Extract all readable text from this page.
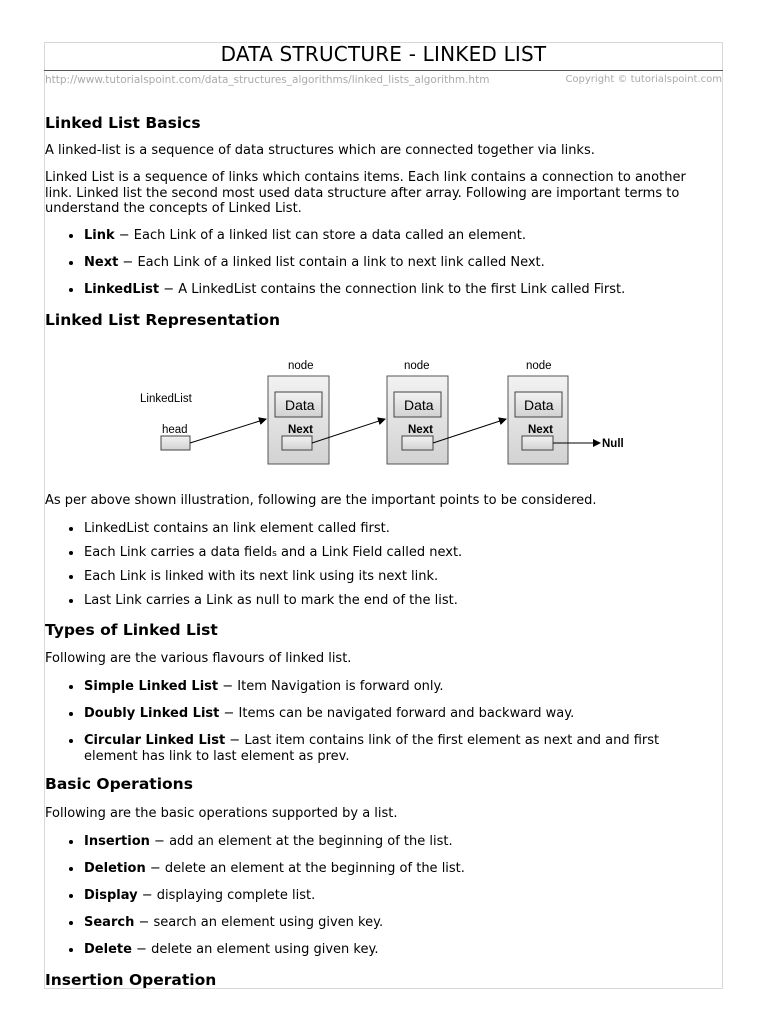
DATA STRUCTURE - LINKED LIST
http://www.tutorialspoint.com/data_structures_algorithms/linked_lists_algorithm.htm	Copyright © tutorialspoint.com
Linked List Basics
A linked-list is a sequence of data structures which are connected together via links.
Linked List is a sequence of links which contains items. Each link contains a connection to another link. Linked list the second most used data structure after array. Following are important terms to understand the concepts of Linked List.
Link − Each Link of a linked list can store a data called an element.
Next − Each Link of a linked list contain a link to next link called Next.
LinkedList − A LinkedList contains the connection link to the first Link called First.
Linked List Representation
LinkedList
head
node
Data
Next
node
Data
Next
node
Data
Next
Null
As per above shown illustration, following are the important points to be considered.
LinkedList contains an link element called first.
Each Link carries a data fields and a Link Field called next.
Each Link is linked with its next link using its next link.
Last Link carries a Link as null to mark the end of the list.
Types of Linked List
Following are the various flavours of linked list.
Simple Linked List − Item Navigation is forward only.
Doubly Linked List − Items can be navigated forward and backward way.
Circular Linked List − Last item contains link of the first element as next and and first element has link to last element as prev.
Basic Operations
Following are the basic operations supported by a list.
Insertion − add an element at the beginning of the list.
Deletion − delete an element at the beginning of the list.
Display − displaying complete list.
Search − search an element using given key.
Delete − delete an element using given key.
Insertion Operation
